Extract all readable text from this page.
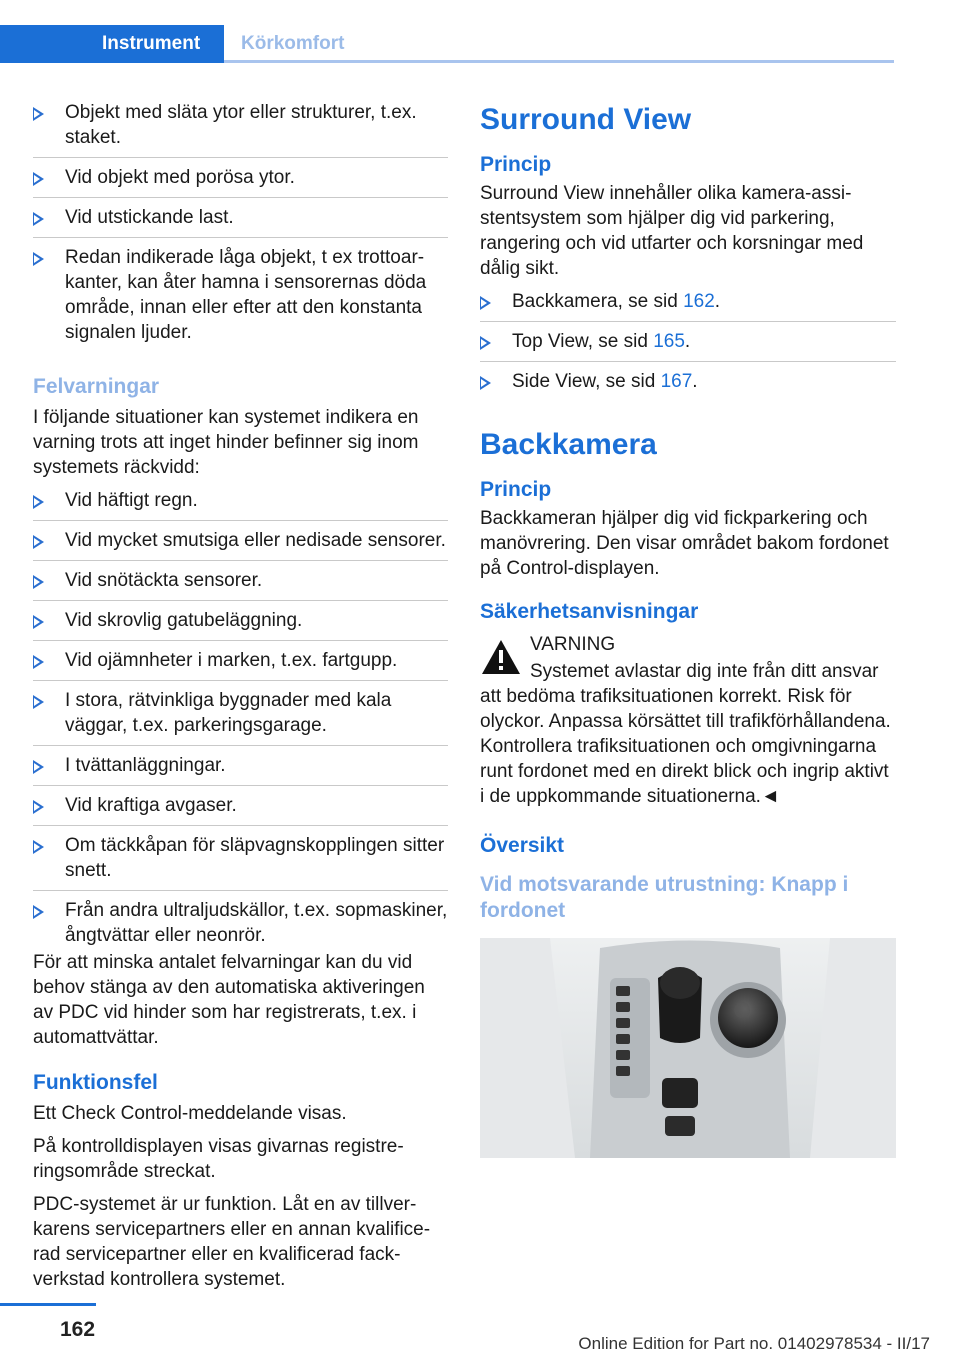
Instrument	Körkomfort
Objekt med släta ytor eller strukturer, t.ex. staket.
Vid objekt med porösa ytor.
Vid utstickande last.
Redan indikerade låga objekt, t ex trottoarkanter, kan åter hamna i sensorernas döda område, innan eller efter att den konstanta signalen ljuder.
Felvarningar

I följande situationer kan systemet indikera en varning trots att inget hinder befinner sig inom systemets räckvidd:

Vid häftigt regn.
Vid mycket smutsiga eller nedisade sensorer.
Vid snötäckta sensorer.
Vid skrovlig gatubeläggning.
Vid ojämnheter i marken, t.ex. fartgupp.
I stora, rätvinkliga byggnader med kala väggar, t.ex. parkeringsgarage.
I tvättanläggningar.
Vid kraftiga avgaser.
Om täckkåpan för släpvagnskopplingen sitter snett.
Från andra ultraljudskällor, t.ex. sopmaskiner, ångtvättar eller neonrör.

För att minska antalet felvarningar kan du vid behov stänga av den automatiska aktiveringen av PDC vid hinder som har registrerats, t.ex. i automattvättar.

Funktionsfel

Ett Check Control-meddelande visas.

På kontrolldisplayen visas givarnas registreringsområde streckat.

PDC-systemet är ur funktion. Låt en av tillverkarens servicepartners eller en annan kvalificerad servicepartner eller en kvalificerad fackverkstad kontrollera systemet.

Surround View
Princip

Surround View innehåller olika kamera-assistentsystem som hjälper dig vid parkering, rangering och vid utfarter och korsningar med dålig sikt.

Backkamera, se sid 162.
Top View, se sid 165.
Side View, se sid 167.
Backkamera
Princip

Backkameran hjälper dig vid fickparkering och manövrering. Den visar området bakom fordonet på Control-displayen.

Säkerhetsanvisningar
VARNING
Systemet avlastar dig inte från ditt ansvar att bedöma trafiksituationen korrekt. Risk för olyckor. Anpassa körsättet till trafikförhållandena. Kontrollera trafiksituationen och omgivningarna runt fordonet med en direkt blick och ingrip aktivt i de uppkommande situationerna.◄
Översikt
Vid motsvarande utrustning: Knapp i fordonet
162
Online Edition for Part no. 01402978534 - II/17
